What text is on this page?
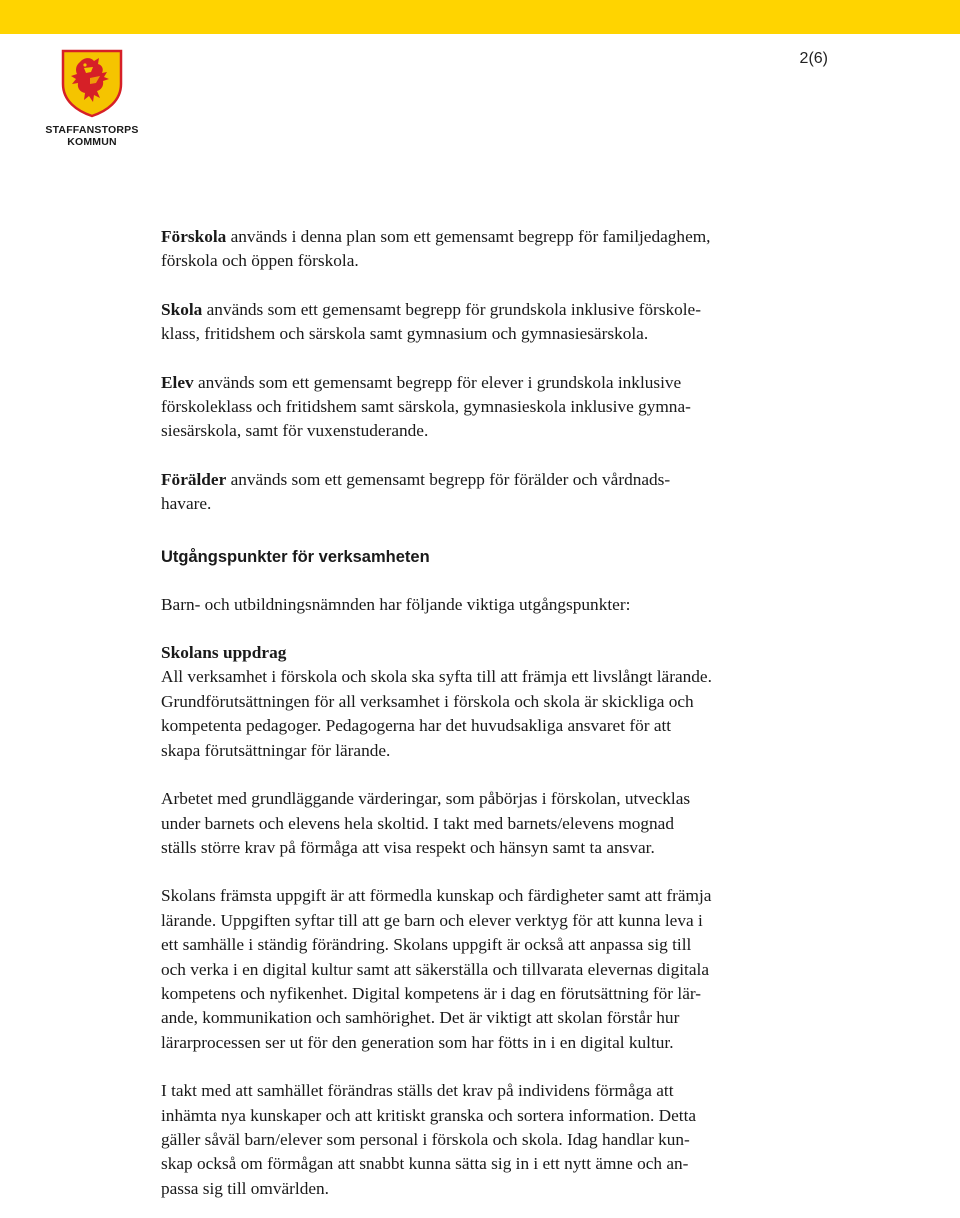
2(6)
STAFFANSTORPS
KOMMUN

Förskola används i denna plan som ett gemensamt begrepp för familjedaghem,
förskola och öppen förskola.

Skola används som ett gemensamt begrepp för grundskola inklusive förskole-
klass, fritidshem och särskola samt gymnasium och gymnasiesärskola.

Elev används som ett gemensamt begrepp för elever i grundskola inklusive
förskoleklass och fritidshem samt särskola, gymnasieskola inklusive gymna-
siesärskola, samt för vuxenstuderande.

Förälder används som ett gemensamt begrepp för förälder och vårdnads-
havare.

Utgångspunkter för verksamheten

Barn- och utbildningsnämnden har följande viktiga utgångspunkter:

Skolans uppdrag

All verksamhet i förskola och skola ska syfta till att främja ett livslångt lärande.
Grundförutsättningen för all verksamhet i förskola och skola är skickliga och
kompetenta pedagoger. Pedagogerna har det huvudsakliga ansvaret för att
skapa förutsättningar för lärande.

Arbetet med grundläggande värderingar, som påbörjas i förskolan, utvecklas
under barnets och elevens hela skoltid. I takt med barnets/elevens mognad
ställs större krav på förmåga att visa respekt och hänsyn samt ta ansvar.

Skolans främsta uppgift är att förmedla kunskap och färdigheter samt att främja
lärande. Uppgiften syftar till att ge barn och elever verktyg för att kunna leva i
ett samhälle i ständig förändring. Skolans uppgift är också att anpassa sig till
och verka i en digital kultur samt att säkerställa och tillvarata elevernas digitala
kompetens och nyfikenhet. Digital kompetens är i dag en förutsättning för lär-
ande, kommunikation och samhörighet. Det är viktigt att skolan förstår hur
lärarprocessen ser ut för den generation som har fötts in i en digital kultur.

I takt med att samhället förändras ställs det krav på individens förmåga att
inhämta nya kunskaper och att kritiskt granska och sortera information. Detta
gäller såväl barn/elever som personal i förskola och skola. Idag handlar kun-
skap också om förmågan att snabbt kunna sätta sig in i ett nytt ämne och an-
passa sig till omvärlden.
